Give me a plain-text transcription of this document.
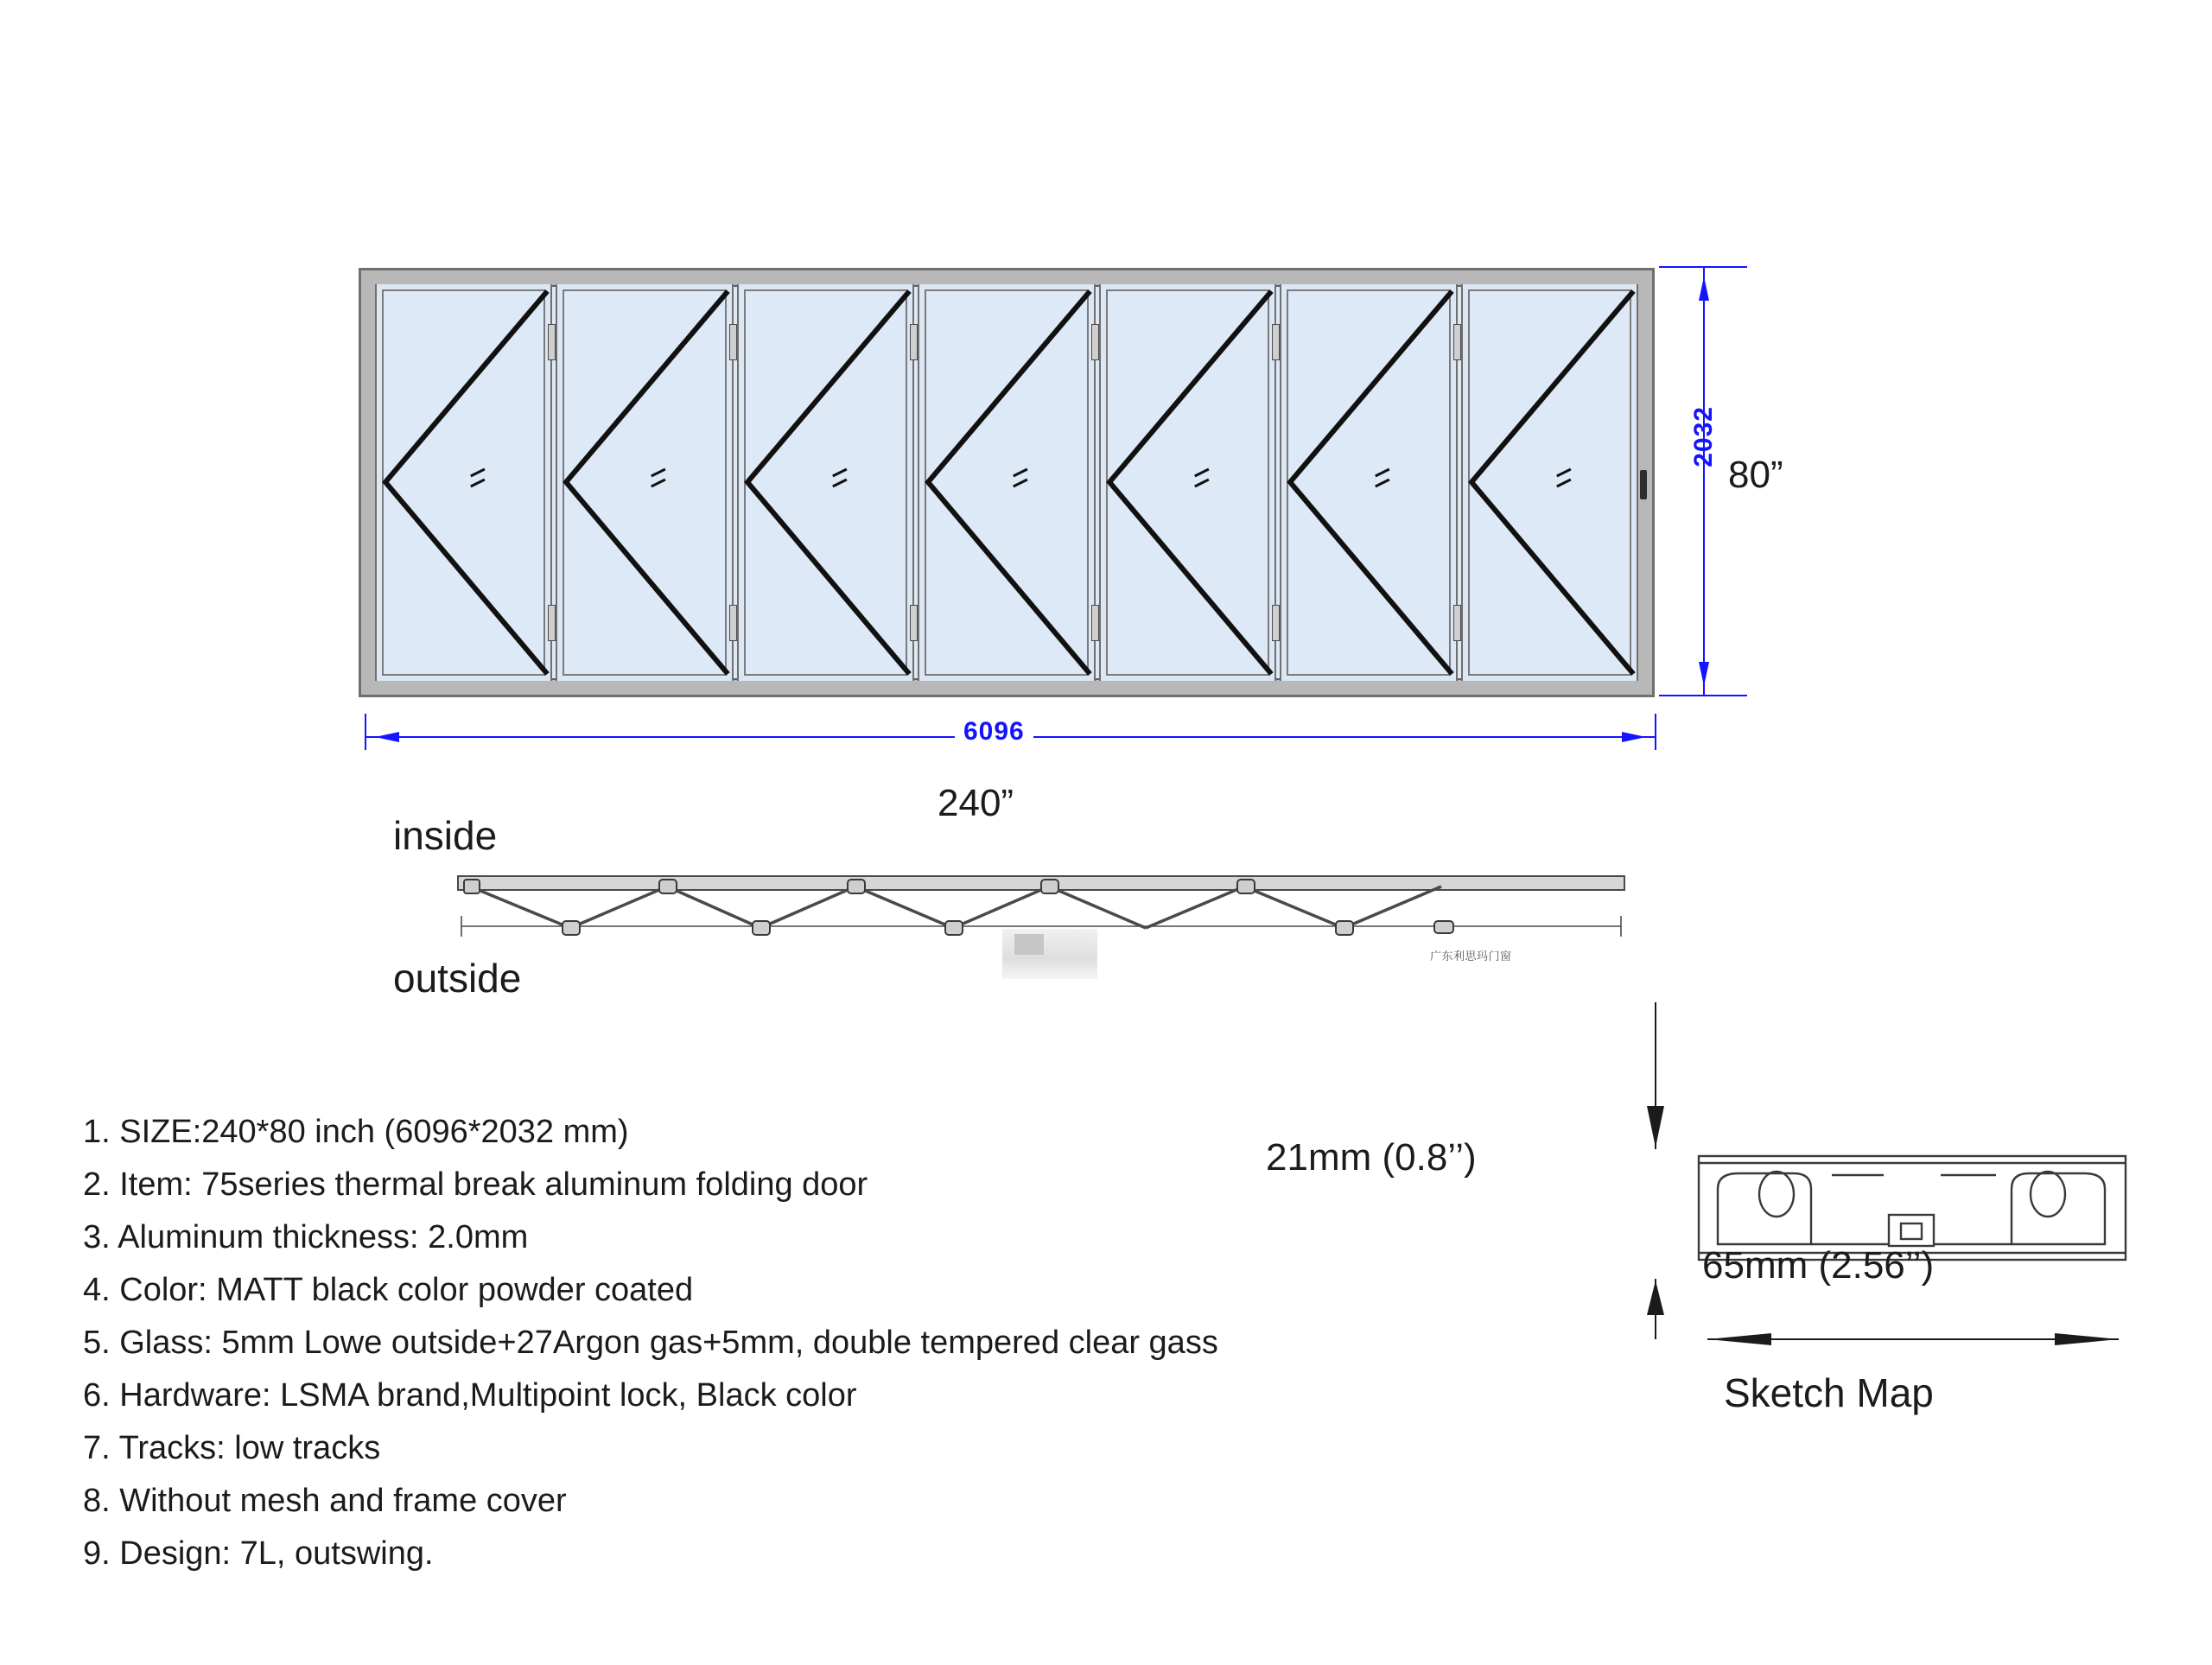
2032
80”
6096
240”
inside
outside	广东利思玛门窗
1. SIZE:240*80 inch (6096*2032 mm)
2. Item: 75series thermal break aluminum folding door
3. Aluminum thickness: 2.0mm
4. Color: MATT black color powder coated
5. Glass: 5mm Lowe outside+27Argon gas+5mm, double tempered clear gass
6. Hardware: LSMA brand,Multipoint lock, Black color
7. Tracks: low tracks
8. Without mesh and frame cover
9. Design: 7L, outswing.
21mm (0.8’’)
65mm (2.56’’)
Sketch Map
